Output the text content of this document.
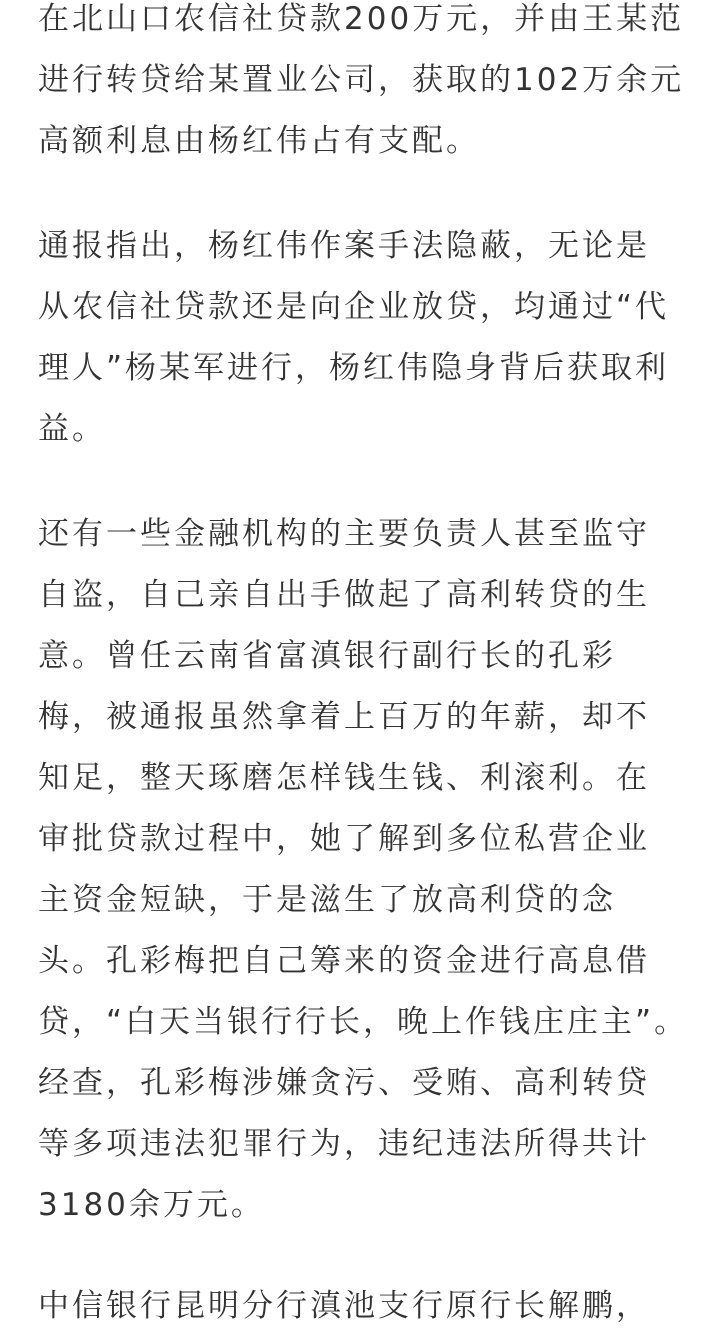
在北山口农信社贷款200万元，并由王某范
进行转贷给某置业公司，获取的102万余元
高额利息由杨红伟占有支配。
通报指出，杨红伟作案手法隐蔽，无论是
从农信社贷款还是向企业放贷，均通过“代
理人”杨某军进行，杨红伟隐身背后获取利
益。
还有一些金融机构的主要负责人甚至监守
自盗，自己亲自出手做起了高利转贷的生
意。曾任云南省富滇银行副行长的孔彩
梅，被通报虽然拿着上百万的年薪，却不
知足，整天琢磨怎样钱生钱、利滚利。在
审批贷款过程中，她了解到多位私营企业
主资金短缺，于是滋生了放高利贷的念
头。孔彩梅把自己筹来的资金进行高息借
贷，“白天当银行行长，晚上作钱庄庄主”。
经查，孔彩梅涉嫌贪污、受贿、高利转贷
等多项违法犯罪行为，违纪违法所得共计
3180余万元。
中信银行昆明分行滇池支行原行长解鹏，
